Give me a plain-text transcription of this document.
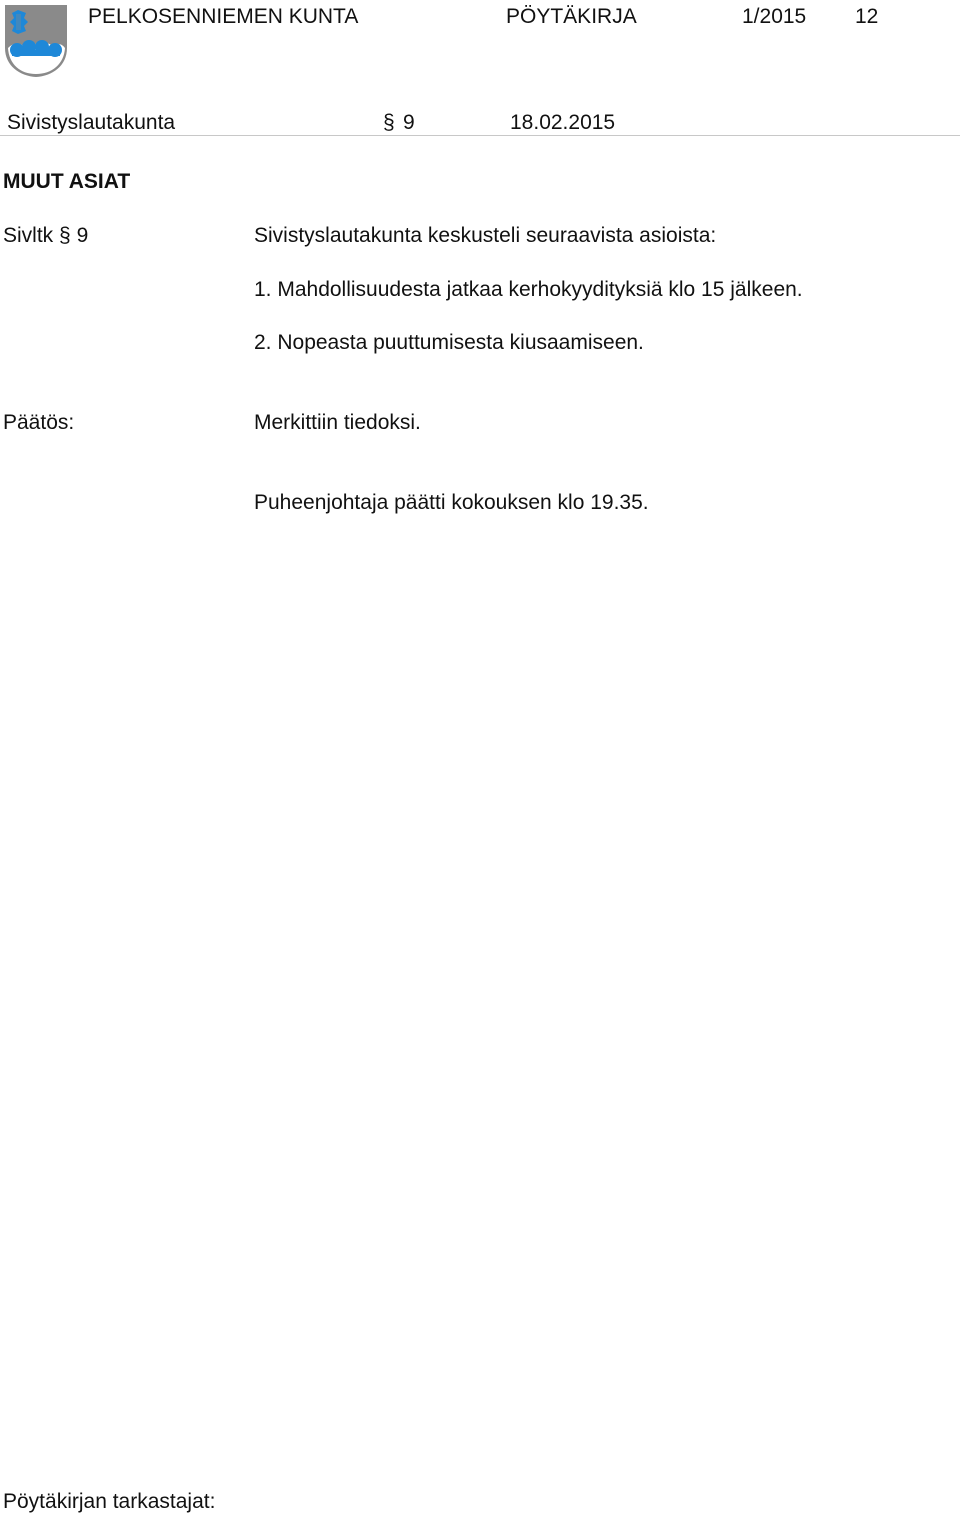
PELKOSENNIEMEN KUNTA	PÖYTÄKIRJA	1/2015 12
Sivistyslautakunta	§ 9	18.02.2015
MUUT ASIAT
Sivltk § 9	Sivistyslautakunta keskusteli seuraavista asioista:
1. Mahdollisuudesta jatkaa kerhokyydityksiä klo 15 jälkeen.
2. Nopeasta puuttumisesta kiusaamiseen.
Päätös:	Merkittiin tiedoksi.
Puheenjohtaja päätti kokouksen klo 19.35.
Pöytäkirjan tarkastajat:
